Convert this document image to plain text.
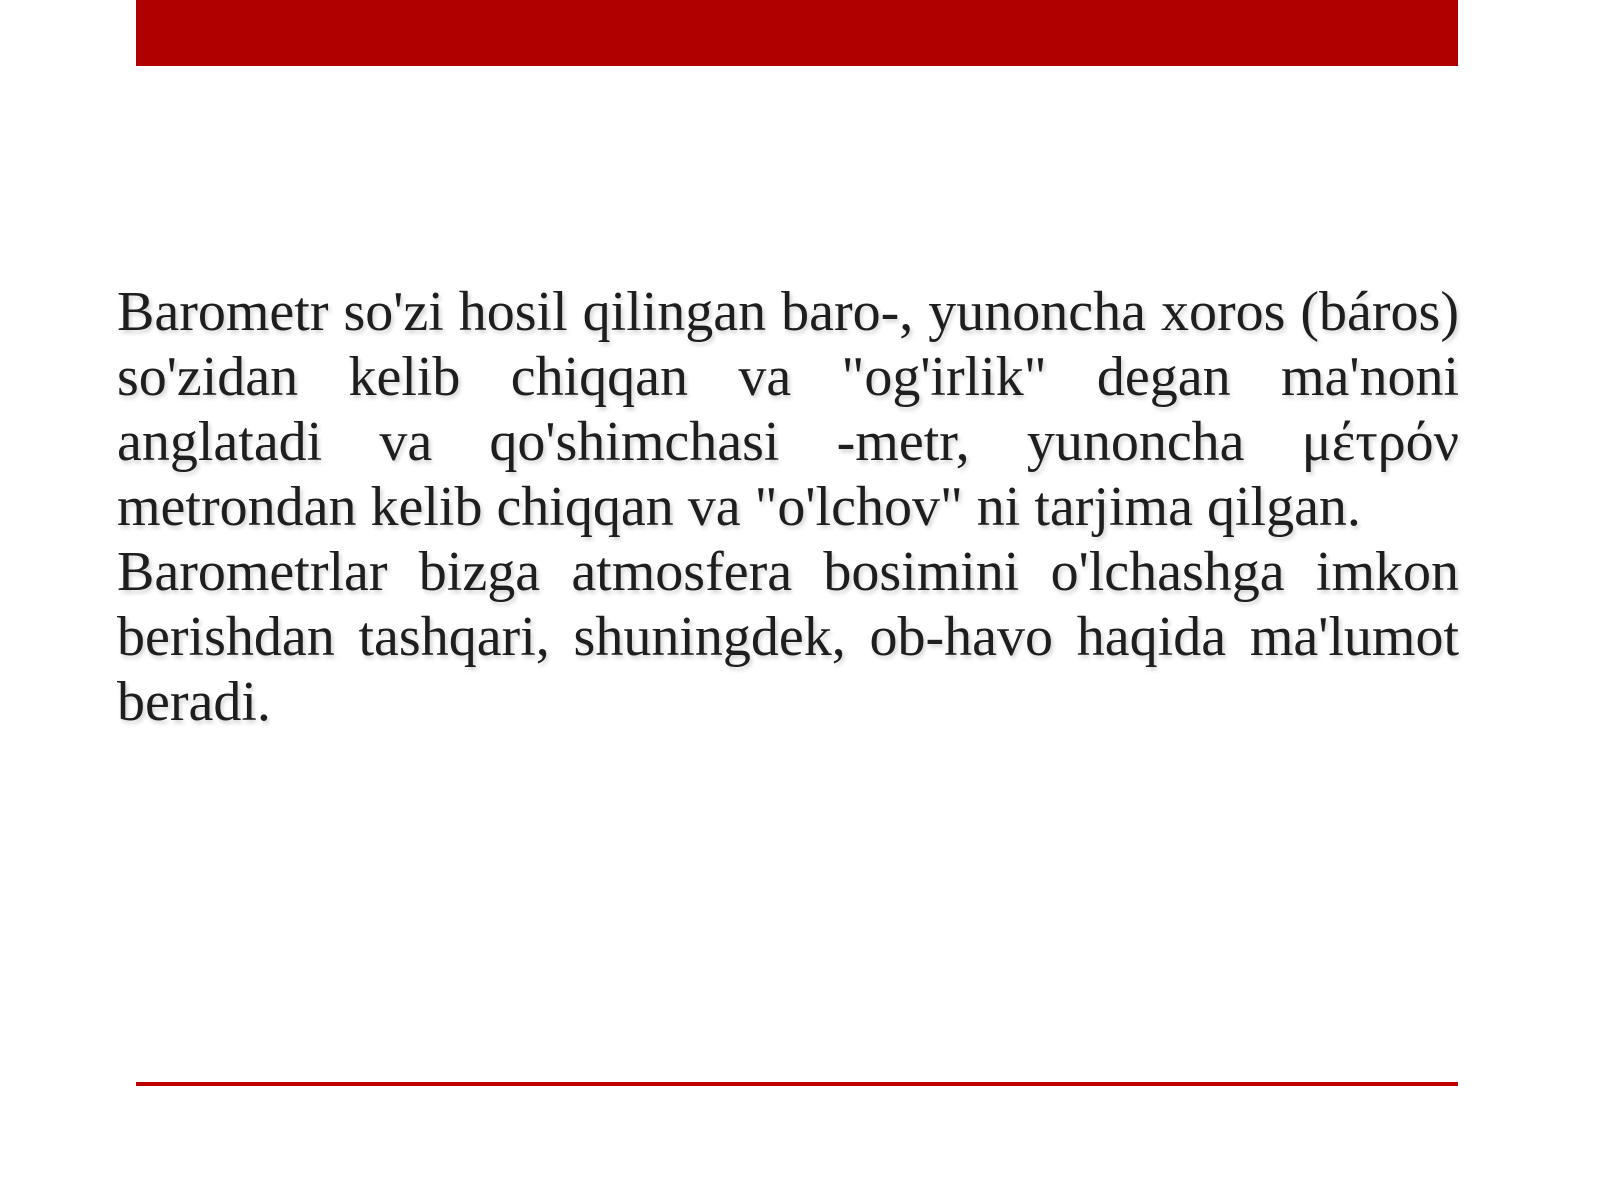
Barometr so'zi hosil qilingan baro-, yunoncha xoros (báros) so'zidan kelib chiqqan va "og'irlik" degan ma'noni anglatadi va qo'shimchasi -metr, yunoncha μέτρόν metrondan kelib chiqqan va "o'lchov" ni tarjima qilgan.

Barometrlar bizga atmosfera bosimini o'lchashga imkon berishdan tashqari, shuningdek, ob-havo haqida ma'lumot beradi.
